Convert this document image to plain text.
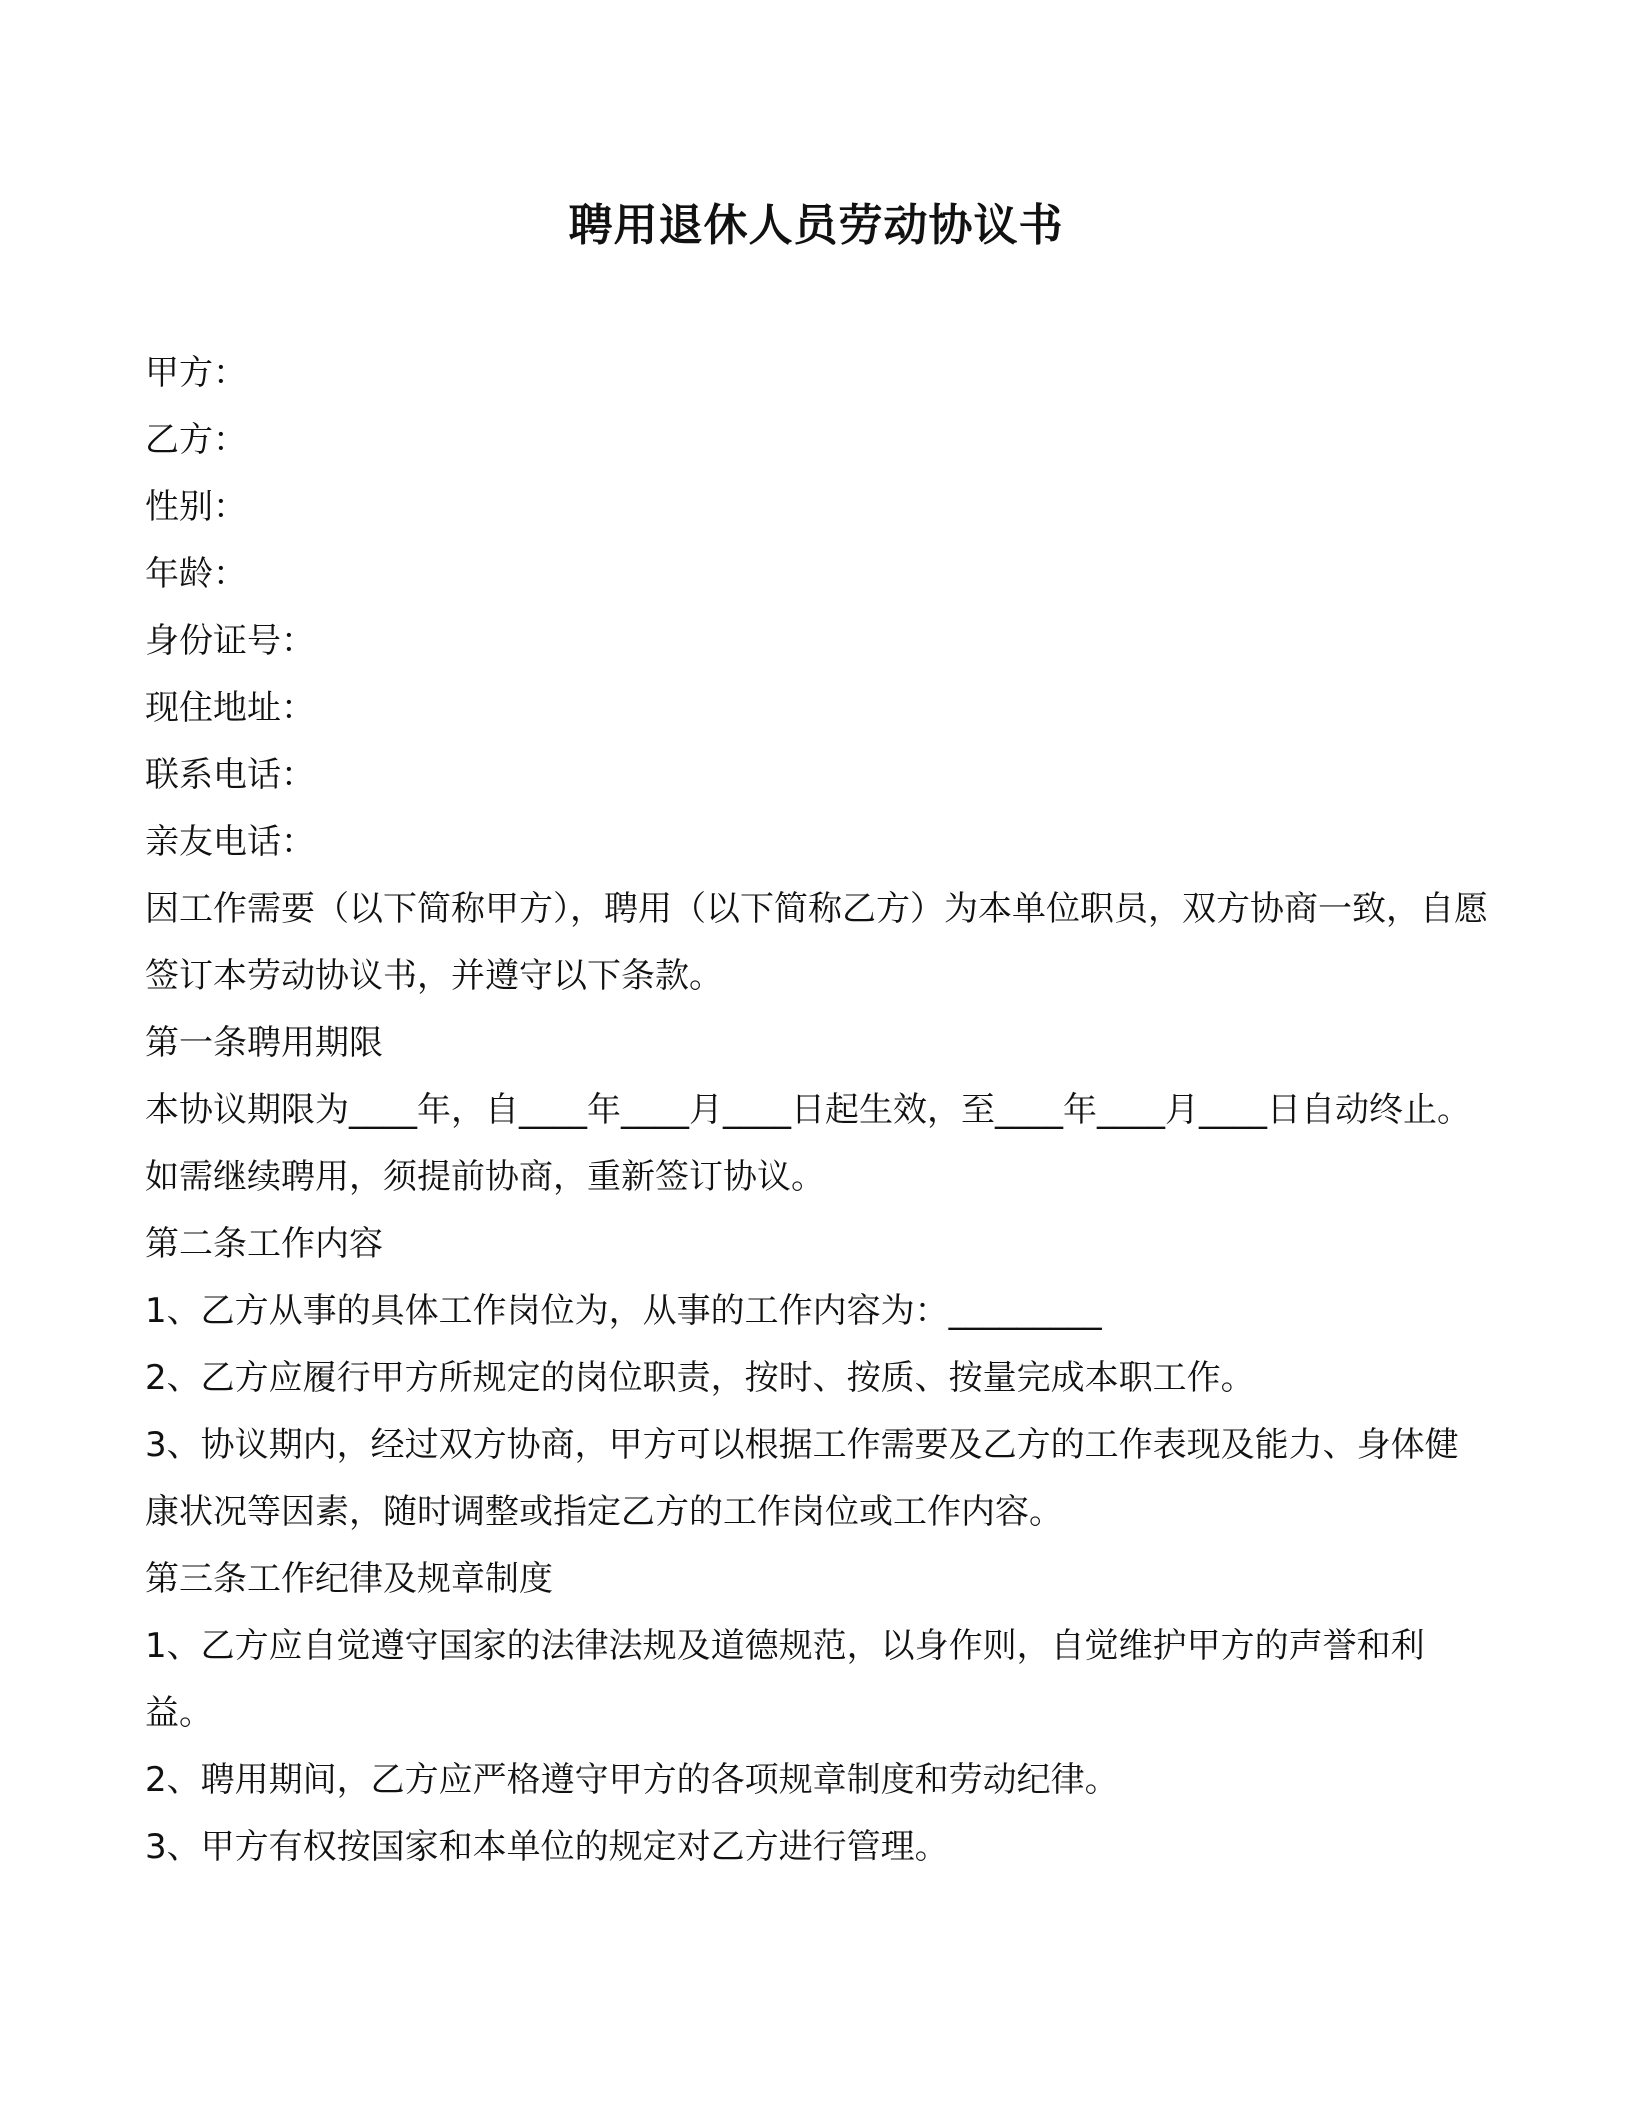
聘用退休人员劳动协议书
甲方：
乙方：
性别：
年龄：
身份证号：
现住地址：
联系电话：
亲友电话：
因工作需要（以下简称甲方），聘用（以下简称乙方）为本单位职员，双方协商一致，自愿签订本劳动协议书，并遵守以下条款。
第一条聘用期限
本协议期限为____年，自____年____月____日起生效，至____年____月____日自动终止。如需继续聘用，须提前协商，重新签订协议。
第二条工作内容
1、乙方从事的具体工作岗位为，从事的工作内容为：_________
2、乙方应履行甲方所规定的岗位职责，按时、按质、按量完成本职工作。
3、协议期内，经过双方协商，甲方可以根据工作需要及乙方的工作表现及能力、身体健康状况等因素，随时调整或指定乙方的工作岗位或工作内容。
第三条工作纪律及规章制度
1、乙方应自觉遵守国家的法律法规及道德规范，以身作则，自觉维护甲方的声誉和利益。
2、聘用期间，乙方应严格遵守甲方的各项规章制度和劳动纪律。
3、甲方有权按国家和本单位的规定对乙方进行管理。
